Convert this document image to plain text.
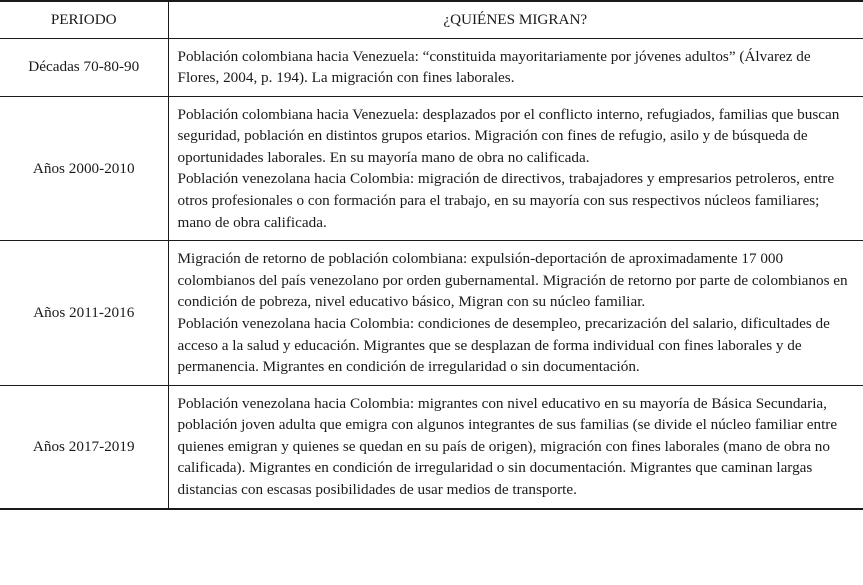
PERIODO	¿QUIÉNES MIGRAN?
Décadas 70-80-90	Población colombiana hacia Venezuela: “constituida mayoritariamente por jóvenes adultos” (Álvarez de Flores, 2004, p. 194). La migración con fines laborales.

Años 2000-2010	Población colombiana hacia Venezuela: desplazados por el conflicto interno, refugiados, familias que buscan seguridad, población en distintos grupos etarios. Migración con fines de refugio, asilo y de búsqueda de oportunidades laborales. En su mayoría mano de obra no calificada.

Población venezolana hacia Colombia: migración de directivos, trabajadores y empresarios petroleros, entre otros profesionales o con formación para el trabajo, en su mayoría con sus respectivos núcleos familiares; mano de obra calificada.

Años 2011-2016	Migración de retorno de población colombiana: expulsión-deportación de aproximadamente 17 000 colombianos del país venezolano por orden gubernamental. Migración de retorno por parte de colombianos en condición de pobreza, nivel educativo básico, Migran con su núcleo familiar.

Población venezolana hacia Colombia: condiciones de desempleo, precarización del salario, dificultades de acceso a la salud y educación. Migrantes que se desplazan de forma individual con fines laborales y de permanencia. Migrantes en condición de irregularidad o sin documentación.

Años 2017-2019	Población venezolana hacia Colombia: migrantes con nivel educativo en su mayoría de Básica Secundaria, población joven adulta que emigra con algunos integrantes de sus familias (se divide el núcleo familiar entre quienes emigran y quienes se quedan en su país de origen), migración con fines laborales (mano de obra no calificada). Migrantes en condición de irregularidad o sin documentación. Migrantes que caminan largas distancias con escasas posibilidades de usar medios de transporte.
